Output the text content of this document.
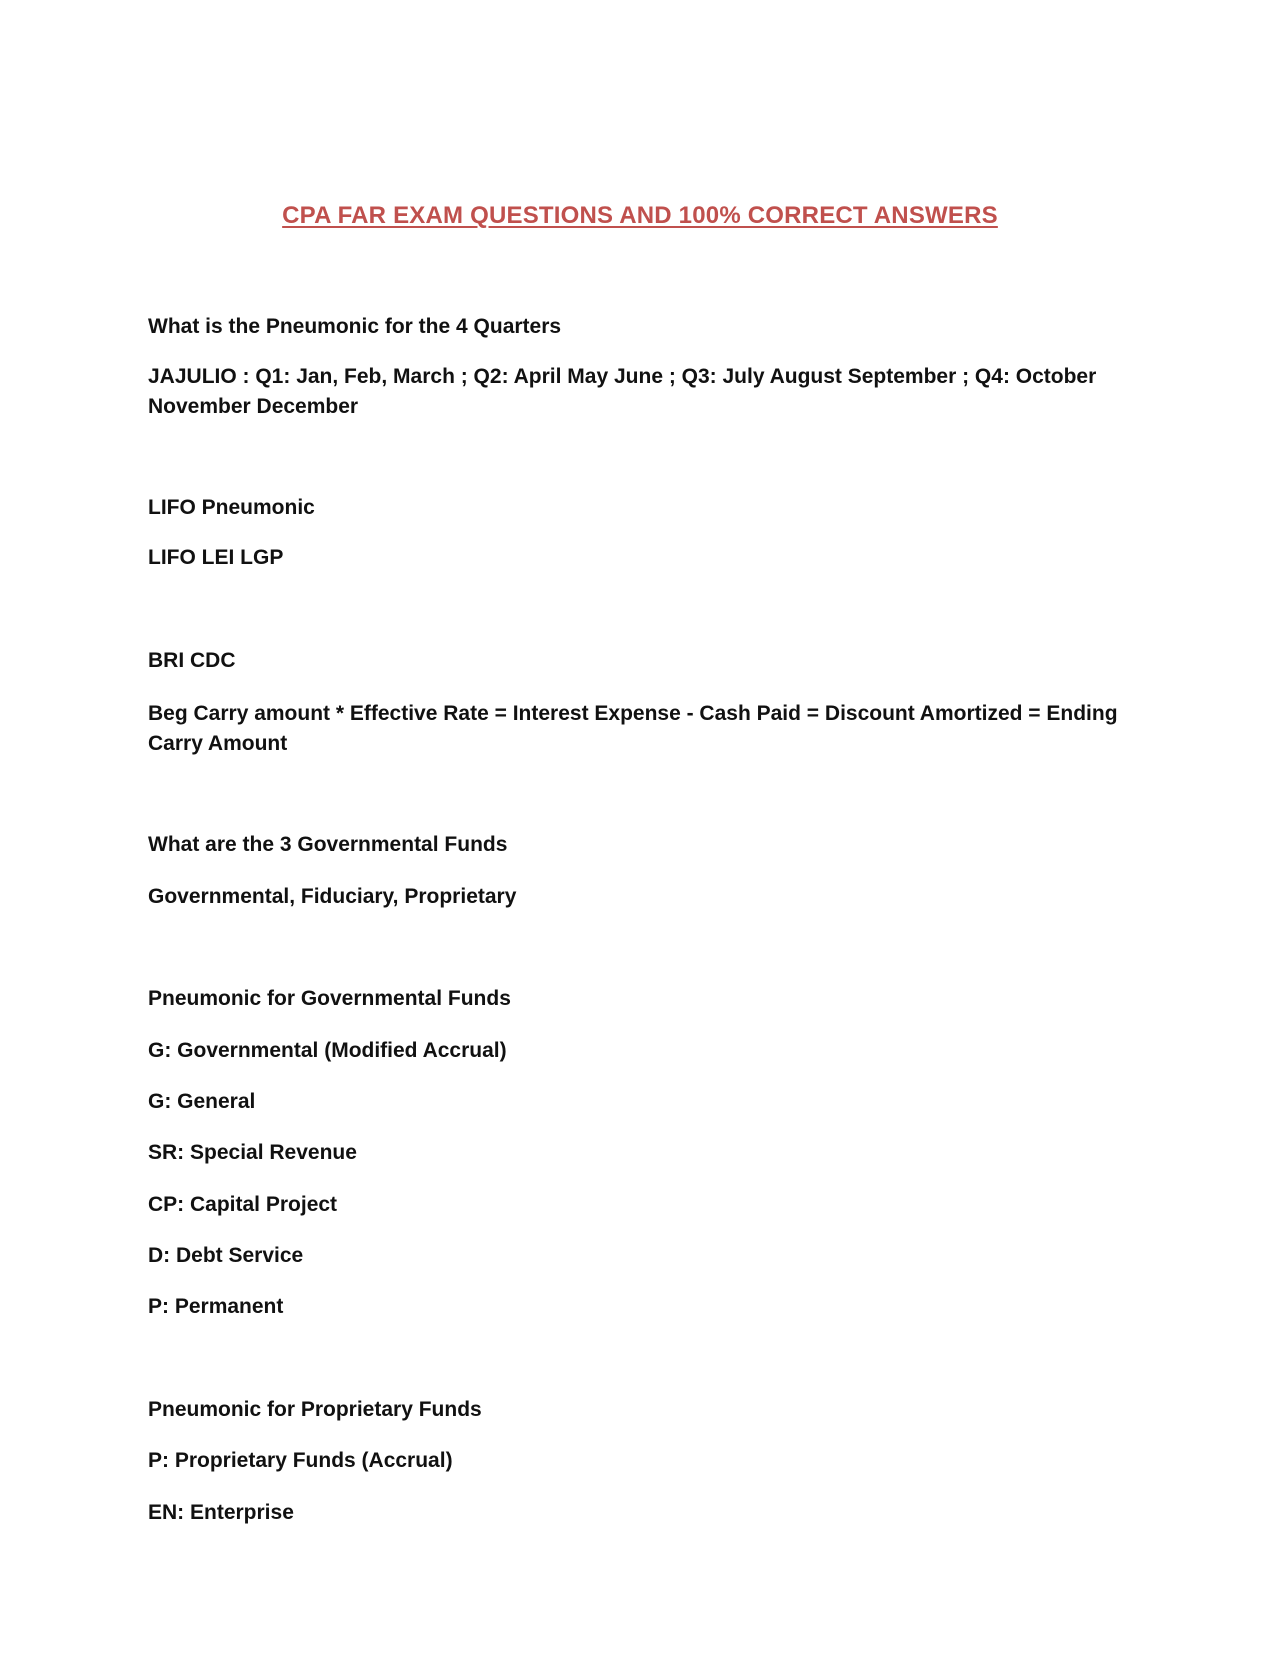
CPA FAR EXAM QUESTIONS AND 100% CORRECT ANSWERS

What is the Pneumonic for the 4 Quarters

JAJULIO : Q1: Jan, Feb, March ; Q2: April May June ; Q3: July August September ; Q4: October November December

LIFO Pneumonic

LIFO LEI LGP

BRI CDC

Beg Carry amount * Effective Rate = Interest Expense - Cash Paid = Discount Amortized = Ending Carry Amount

What are the 3 Governmental Funds

Governmental, Fiduciary, Proprietary

Pneumonic for Governmental Funds

G: Governmental (Modified Accrual)

G: General

SR: Special Revenue

CP: Capital Project

D: Debt Service

P: Permanent

Pneumonic for Proprietary Funds

P: Proprietary Funds (Accrual)

EN: Enterprise
